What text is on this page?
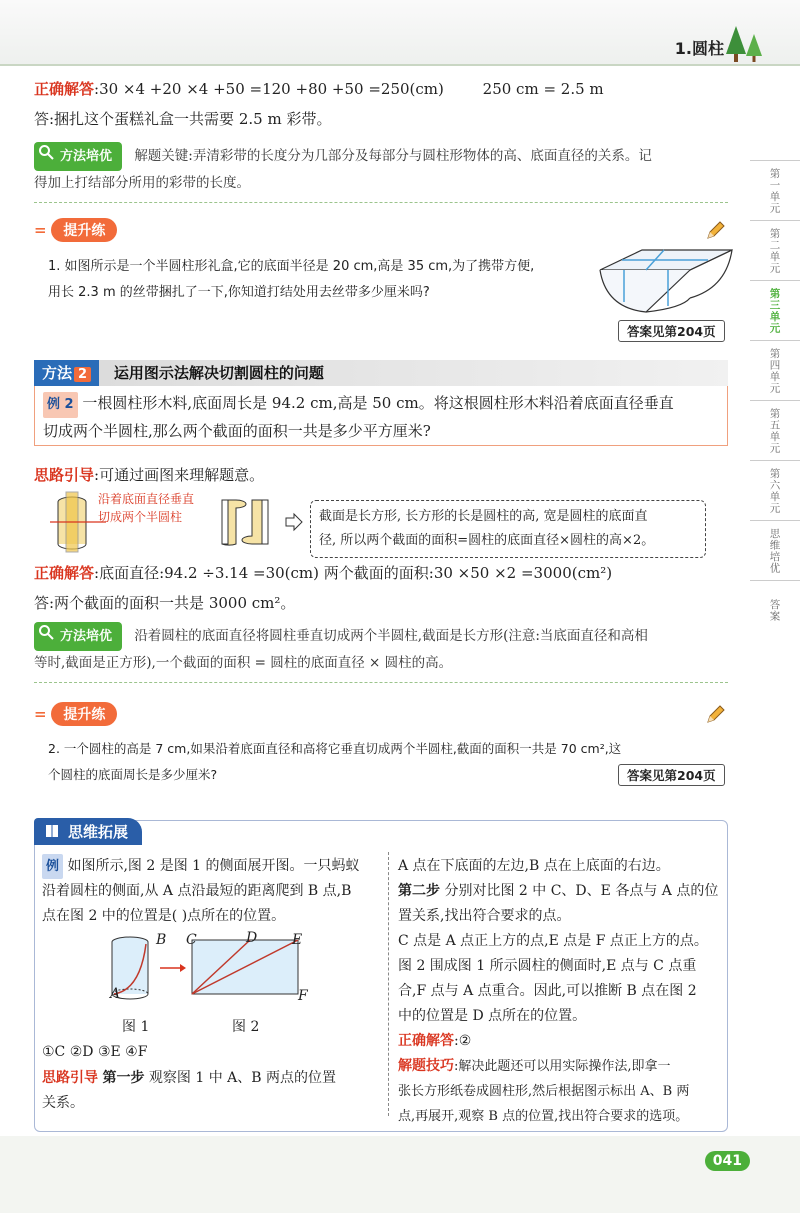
1.圆柱
第一单元
第二单元
第三单元
第四单元
第五单元
第六单元
思维培优
答案
正确解答:30 ×4 +20 ×4 +50 =120 +80 +50 =250(cm)	250 cm = 2.5 m
答:捆扎这个蛋糕礼盒一共需要 2.5 m 彩带。
方法培优 解题关键:弄清彩带的长度分为几部分及每部分与圆柱形物体的高、底面直径的关系。记
得加上打结部分所用的彩带的长度。
= 提升练
1. 如图所示是一个半圆柱形礼盒,它的底面半径是 20 cm,高是 35 cm,为了携带方便,
用长 2.3 m 的丝带捆扎了一下,你知道打结处用去丝带多少厘米吗?
答案见第204页
方法 2 运用图示法解决切割圆柱的问题
例 2 一根圆柱形木料,底面周长是 94.2 cm,高是 50 cm。将这根圆柱形木料沿着底面直径垂直
切成两个半圆柱,那么两个截面的面积一共是多少平方厘米?
思路引导:可通过画图来理解题意。
沿着底面直径垂直
切成两个半圆柱	截面是长方形, 长方形的长是圆柱的高, 宽是圆柱的底面直
径, 所以两个截面的面积=圆柱的底面直径×圆柱的高×2。
正确解答:底面直径:94.2 ÷3.14 =30(cm) 两个截面的面积:30 ×50 ×2 =3000(cm²)
答:两个截面的面积一共是 3000 cm²。
方法培优 沿着圆柱的底面直径将圆柱垂直切成两个半圆柱,截面是长方形(注意:当底面直径和高相
等时,截面是正方形),一个截面的面积 = 圆柱的底面直径 × 圆柱的高。
= 提升练
2. 一个圆柱的高是 7 cm,如果沿着底面直径和高将它垂直切成两个半圆柱,截面的面积一共是 70 cm²,这
个圆柱的底面周长是多少厘米?	答案见第204页
思维拓展
例 如图所示,图 2 是图 1 的侧面展开图。一只蚂蚁
沿着圆柱的侧面,从 A 点沿最短的距离爬到 B 点,B
点在图 2 中的位置是( )点所在的位置。
B
A
C	D E
F
图 1	图 2
①C ②D ③E ④F
思路引导 第一步 观察图 1 中 A、B 两点的位置
关系。
A 点在下底面的左边,B 点在上底面的右边。
第二步 分别对比图 2 中 C、D、E 各点与 A 点的位
置关系,找出符合要求的点。
C 点是 A 点正上方的点,E 点是 F 点正上方的点。
图 2 围成图 1 所示圆柱的侧面时,E 点与 C 点重
合,F 点与 A 点重合。因此,可以推断 B 点在图 2
中的位置是 D 点所在的位置。
正确解答:②
解题技巧:解决此题还可以用实际操作法,即拿一
张长方形纸卷成圆柱形,然后根据图示标出 A、B 两
点,再展开,观察 B 点的位置,找出符合要求的选项。
041
